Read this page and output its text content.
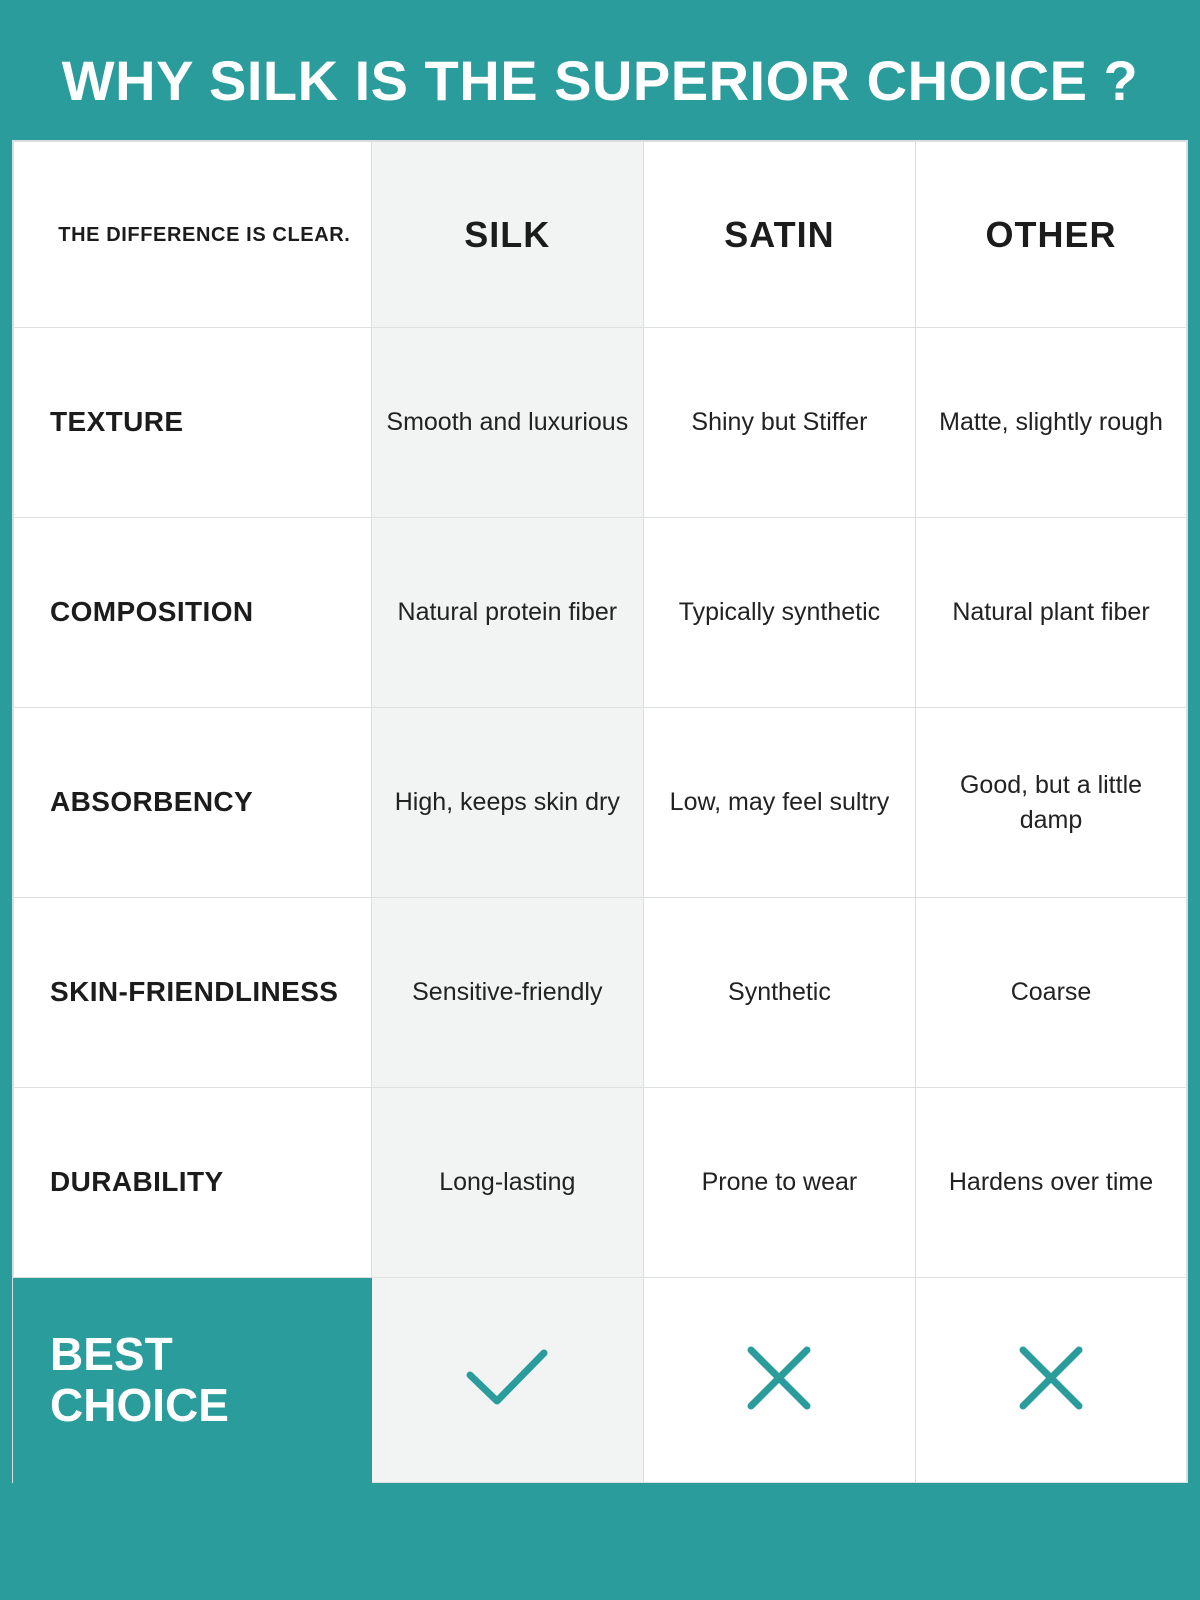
WHY SILK IS THE SUPERIOR CHOICE ?
THE DIFFERENCE IS CLEAR.	SILK	SATIN	OTHER
TEXTURE	Smooth and luxurious	Shiny but Stiffer	Matte, slightly rough

COMPOSITION	Natural protein fiber	Typically synthetic	Natural plant fiber

ABSORBENCY	High, keeps skin dry	Low, may feel sultry	Good, but a little damp

SKIN-FRIENDLINESS	Sensitive-friendly	Synthetic	Coarse

DURABILITY	Long-lasting	Prone to wear	Hardens over time

BEST CHOICE
